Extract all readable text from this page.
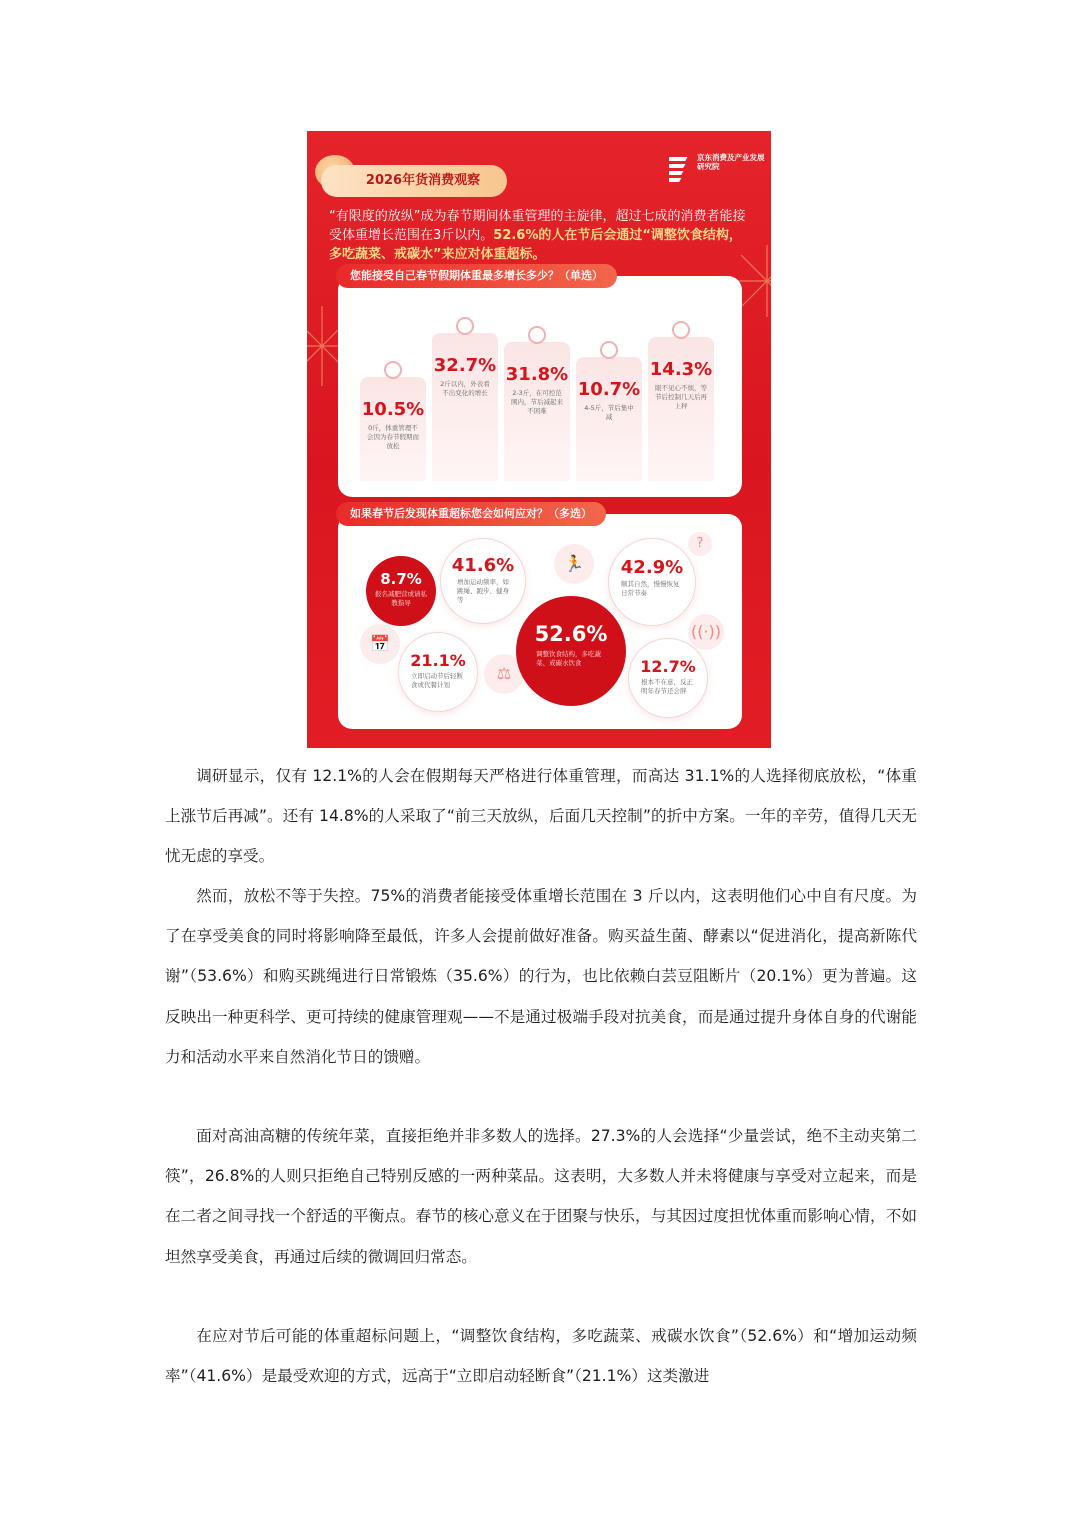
2026年货消费观察
京东消费及产业发展研究院
“有限度的放纵”成为春节期间体重管理的主旋律，超过七成的消费者能接受体重增长范围在3斤以内。52.6%的人在节后会通过“调整饮食结构，多吃蔬菜、戒碳水”来应对体重超标。
您能接受自己春节假期体重最多增长多少？（单选）
10.5%
0斤，体重管理不会因为春节假期而放松
32.7%
2斤以内，外表看不出变化的增长
31.8%
2-3斤，在可控范围内，节后减起来不困难
10.7%
4-5斤，节后集中减
14.3%
眼不见心不烦，等节后控制几天后再上秤
如果春节后发现体重超标您会如何应对？（多选）
🏃
?
⚖
📅
((·))
8.7%
报名减肥营或请私教指导
41.6%
增加运动频率，如跳绳、跑步、健身等
42.9%
顺其自然，慢慢恢复日常节奏
52.6%
调整饮食结构，多吃蔬菜、戒碳水饮食
21.1%
立即启动节后轻断食或代餐计划
12.7%
根本不在意，反正明年春节还会胖

调研显示，仅有 12.1%的人会在假期每天严格进行体重管理，而高达 31.1%的人选择彻底放松，“体重上涨节后再减”。还有 14.8%的人采取了“前三天放纵，后面几天控制”的折中方案。一年的辛劳，值得几天无忧无虑的享受。

然而，放松不等于失控。75%的消费者能接受体重增长范围在 3 斤以内，这表明他们心中自有尺度。为了在享受美食的同时将影响降至最低，许多人会提前做好准备。购买益生菌、酵素以“促进消化，提高新陈代谢”（53.6%）和购买跳绳进行日常锻炼（35.6%）的行为，也比依赖白芸豆阻断片（20.1%）更为普遍。这反映出一种更科学、更可持续的健康管理观——不是通过极端手段对抗美食，而是通过提升身体自身的代谢能力和活动水平来自然消化节日的馈赠。

面对高油高糖的传统年菜，直接拒绝并非多数人的选择。27.3%的人会选择“少量尝试，绝不主动夹第二筷”，26.8%的人则只拒绝自己特别反感的一两种菜品。这表明，大多数人并未将健康与享受对立起来，而是在二者之间寻找一个舒适的平衡点。春节的核心意义在于团聚与快乐，与其因过度担忧体重而影响心情，不如坦然享受美食，再通过后续的微调回归常态。

在应对节后可能的体重超标问题上，“调整饮食结构，多吃蔬菜、戒碳水饮食”（52.6%）和“增加运动频率”（41.6%）是最受欢迎的方式，远高于“立即启动轻断食”（21.1%）这类激进
